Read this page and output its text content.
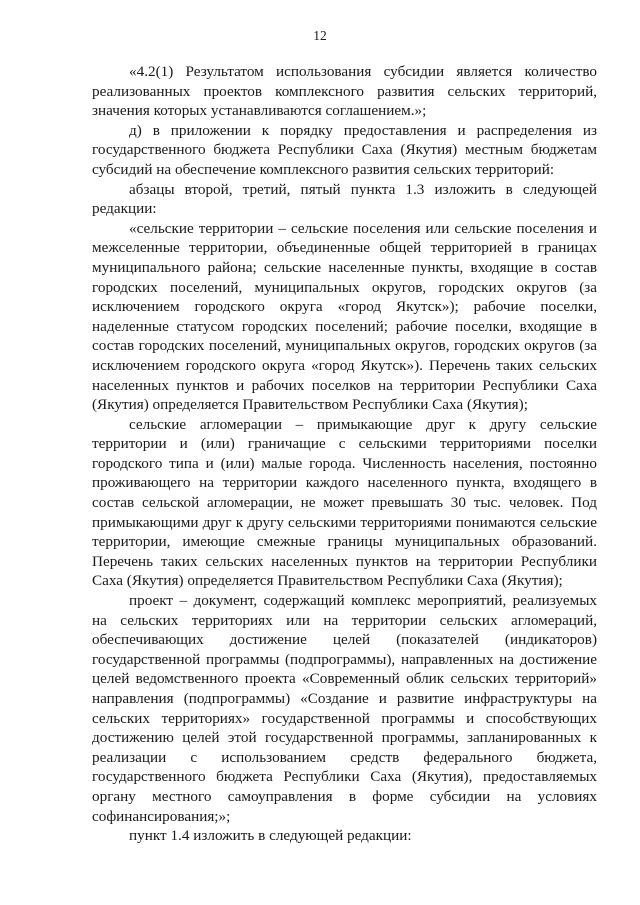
12

«4.2(1) Результатом использования субсидии является количество реализованных проектов комплексного развития сельских территорий, значения которых устанавливаются соглашением.»;

д) в приложении к порядку предоставления и распределения из государственного бюджета Республики Саха (Якутия) местным бюджетам субсидий на обеспечение комплексного развития сельских территорий:

абзацы второй, третий, пятый пункта 1.3 изложить в следующей редакции:

«сельские территории – сельские поселения или сельские поселения и межселенные территории, объединенные общей территорией в границах муниципального района; сельские населенные пункты, входящие в состав городских поселений, муниципальных округов, городских округов (за исключением городского округа «город Якутск»); рабочие поселки, наделенные статусом городских поселений; рабочие поселки, входящие в состав городских поселений, муниципальных округов, городских округов (за исключением городского округа «город Якутск»). Перечень таких сельских населенных пунктов и рабочих поселков на территории Республики Саха (Якутия) определяется Правительством Республики Саха (Якутия);

сельские агломерации – примыкающие друг к другу сельские территории и (или) граничащие с сельскими территориями поселки городского типа и (или) малые города. Численность населения, постоянно проживающего на территории каждого населенного пункта, входящего в состав сельской агломерации, не может превышать 30 тыс. человек. Под примыкающими друг к другу сельскими территориями понимаются сельские территории, имеющие смежные границы муниципальных образований. Перечень таких сельских населенных пунктов на территории Республики Саха (Якутия) определяется Правительством Республики Саха (Якутия);

проект – документ, содержащий комплекс мероприятий, реализуемых на сельских территориях или на территории сельских агломераций, обеспечивающих достижение целей (показателей (индикаторов) государственной программы (подпрограммы), направленных на достижение целей ведомственного проекта «Современный облик сельских территорий» направления (подпрограммы) «Создание и развитие инфраструктуры на сельских территориях» государственной программы и способствующих достижению целей этой государственной программы, запланированных к реализации с использованием средств федерального бюджета, государственного бюджета Республики Саха (Якутия), предоставляемых органу местного самоуправления в форме субсидии на условиях софинансирования;»;

пункт 1.4 изложить в следующей редакции:
